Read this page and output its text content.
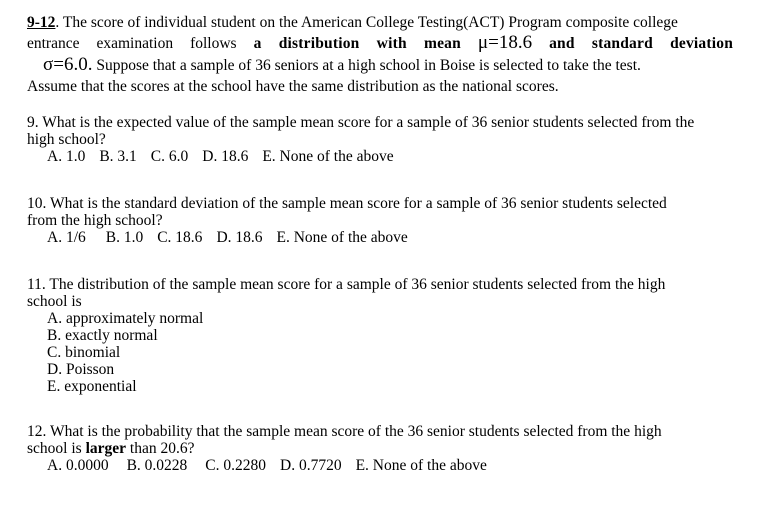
9-12. The score of individual student on the American College Testing(ACT) Program composite college
entrance examination follows a distribution with mean μ=18.6 and standard deviation
σ=6.0. Suppose that a sample of 36 seniors at a high school in Boise is selected to take the test.
Assume that the scores at the school have the same distribution as the national scores.
9. What is the expected value of the sample mean score for a sample of 36 senior students selected from the
high school?
A. 1.0 B. 3.1 C. 6.0 D. 18.6 E. None of the above
10. What is the standard deviation of the sample mean score for a sample of 36 senior students selected
from the high school?
A. 1/6 B. 1.0 C. 18.6 D. 18.6 E. None of the above
11. The distribution of the sample mean score for a sample of 36 senior students selected from the high
school is
A. approximately normal
B. exactly normal
C. binomial
D. Poisson
E. exponential
12. What is the probability that the sample mean score of the 36 senior students selected from the high
school is larger than 20.6?
A. 0.0000 B. 0.0228 C. 0.2280 D. 0.7720 E. None of the above
